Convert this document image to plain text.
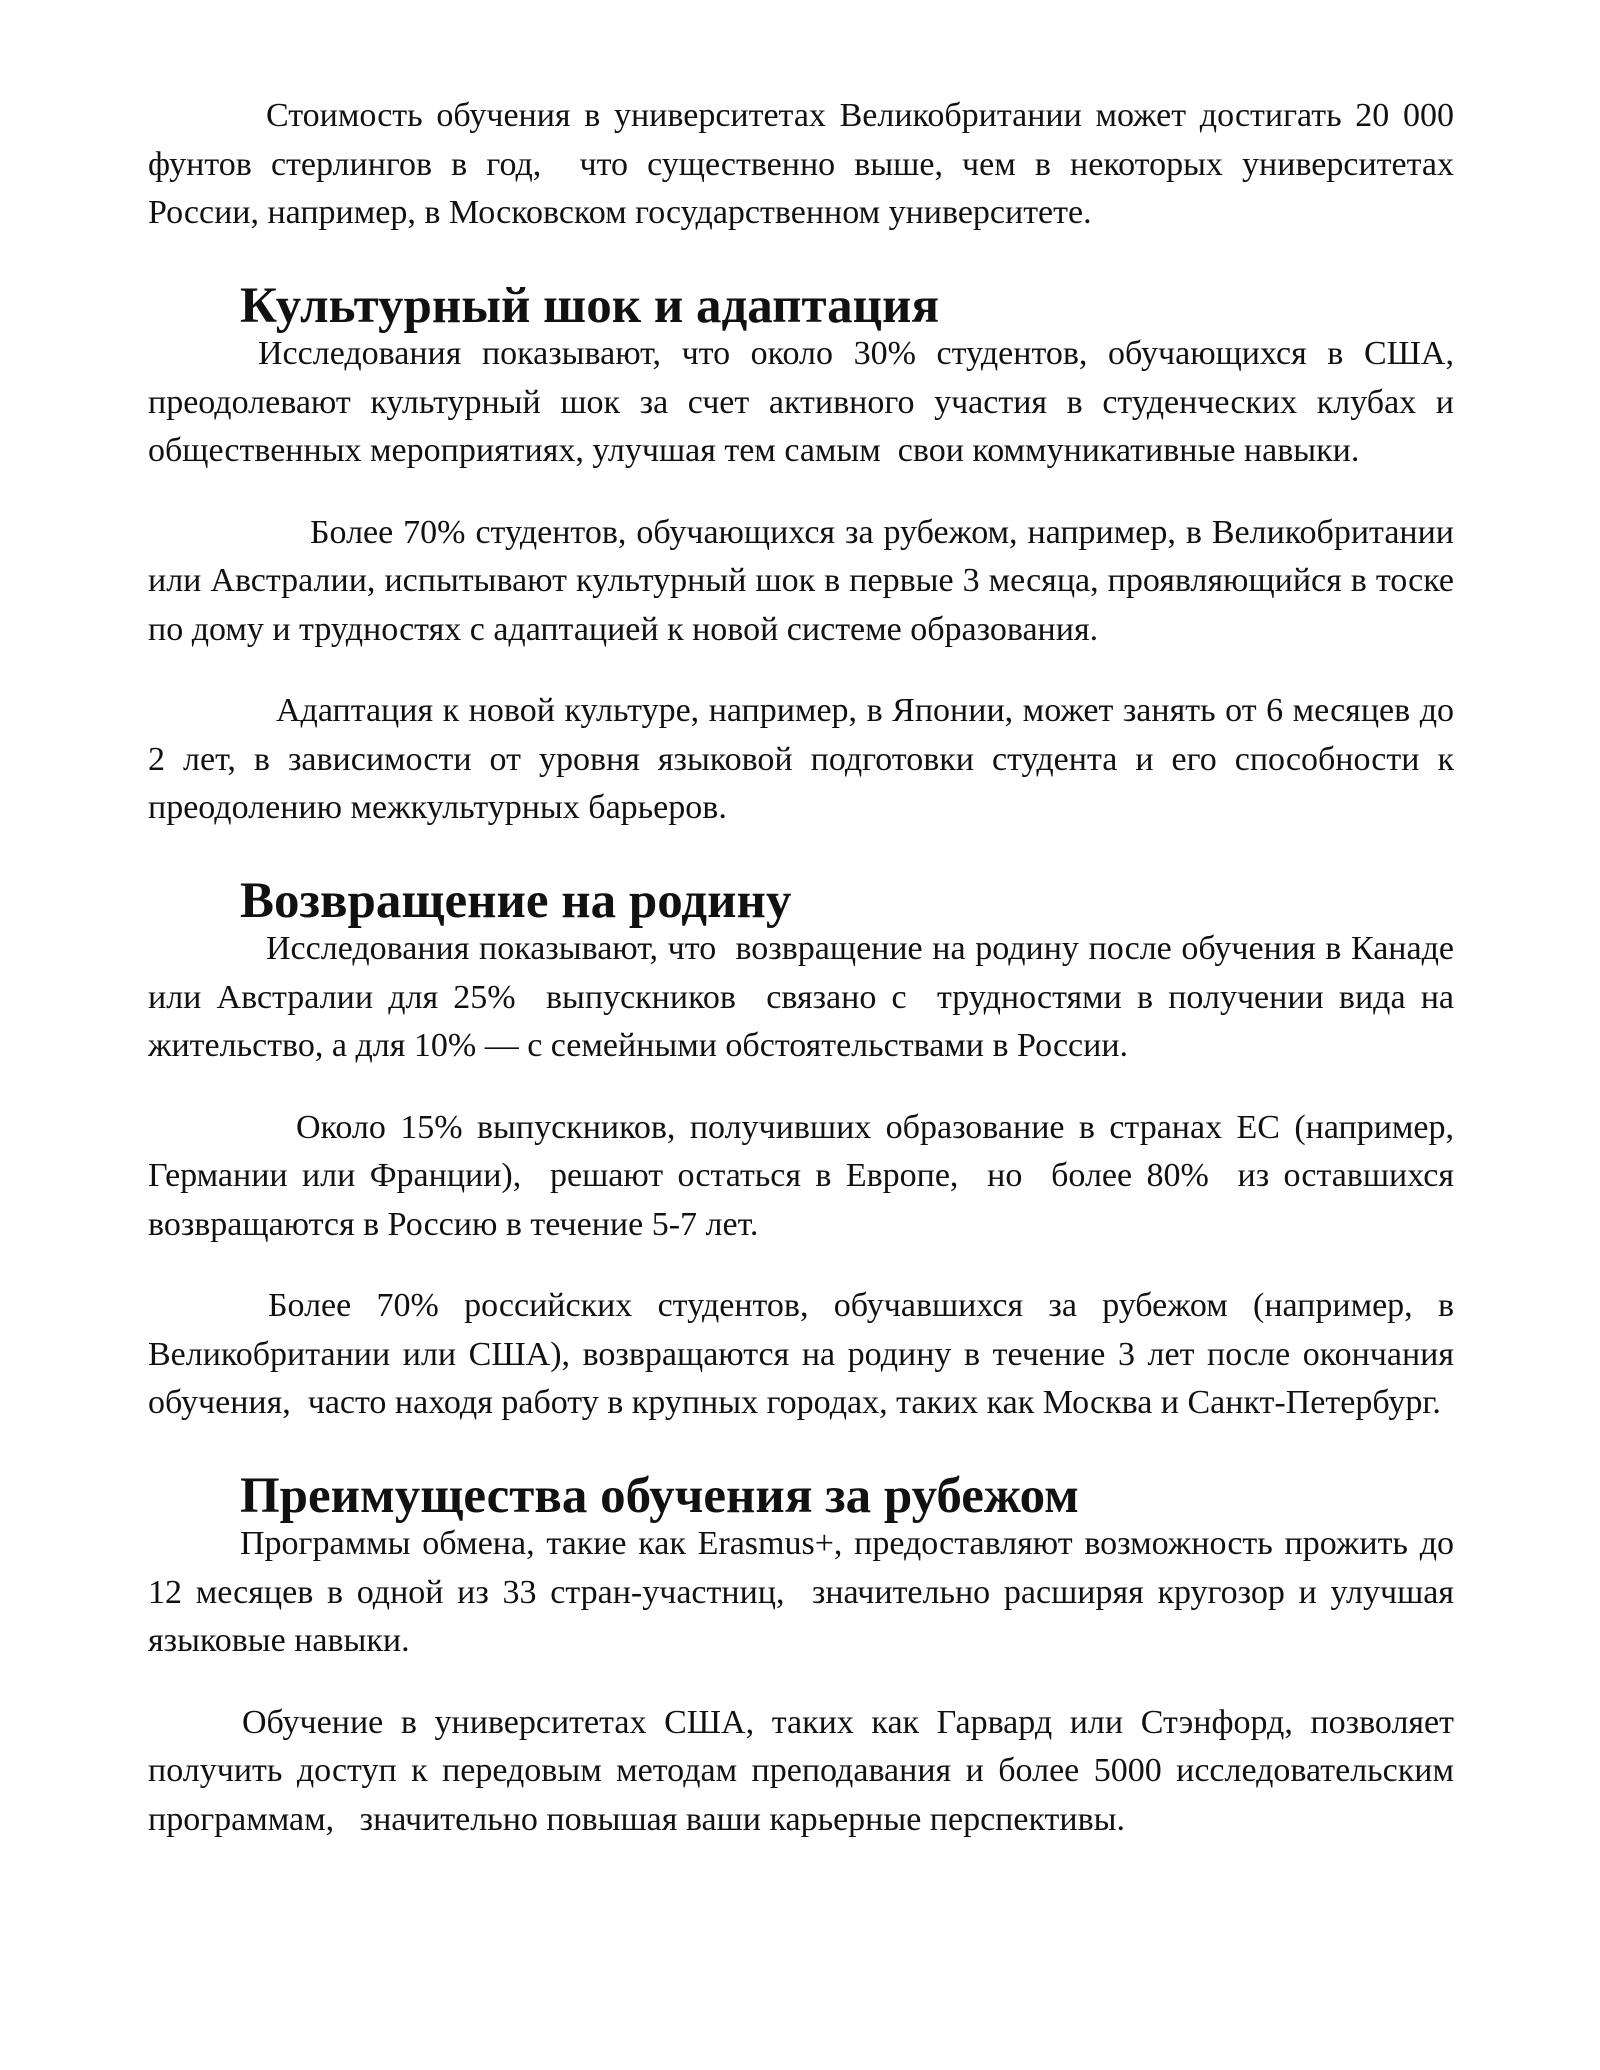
Стоимость обучения в университетах Великобритании может достигать 20 000 фунтов стерлингов в год,  что существенно выше, чем в некоторых университетах России, например, в Московском государственном университете.

Культурный шок и адаптация

Исследования показывают, что около 30% студентов, обучающихся в США, преодолевают культурный шок за счет активного участия в студенческих клубах и общественных мероприятиях, улучшая тем самым  свои коммуникативные навыки.

Более 70% студентов, обучающихся за рубежом, например, в Великобритании или Австралии, испытывают культурный шок в первые 3 месяца, проявляющийся в тоске по дому и трудностях с адаптацией к новой системе образования.

Адаптация к новой культуре, например, в Японии, может занять от 6 месяцев до 2 лет, в зависимости от уровня языковой подготовки студента и его способности к преодолению межкультурных барьеров.

Возвращение на родину

Исследования показывают, что  возвращение на родину после обучения в Канаде или Австралии для 25%  выпускников  связано с  трудностями в получении вида на жительство, а для 10% — с семейными обстоятельствами в России.

Около 15% выпускников, получивших образование в странах ЕС (например, Германии или Франции),  решают остаться в Европе,  но  более 80%  из оставшихся  возвращаются в Россию в течение 5-7 лет.

Более 70% российских студентов, обучавшихся за рубежом (например, в Великобритании или США), возвращаются на родину в течение 3 лет после окончания обучения,  часто находя работу в крупных городах, таких как Москва и Санкт-Петербург.

Преимущества обучения за рубежом

Программы обмена, такие как Erasmus+, предоставляют возможность прожить до 12 месяцев в одной из 33 стран-участниц,  значительно расширяя кругозор и улучшая языковые навыки.

Обучение в университетах США, таких как Гарвард или Стэнфорд, позволяет получить доступ к передовым методам преподавания и более 5000 исследовательским программам,   значительно повышая ваши карьерные перспективы.
